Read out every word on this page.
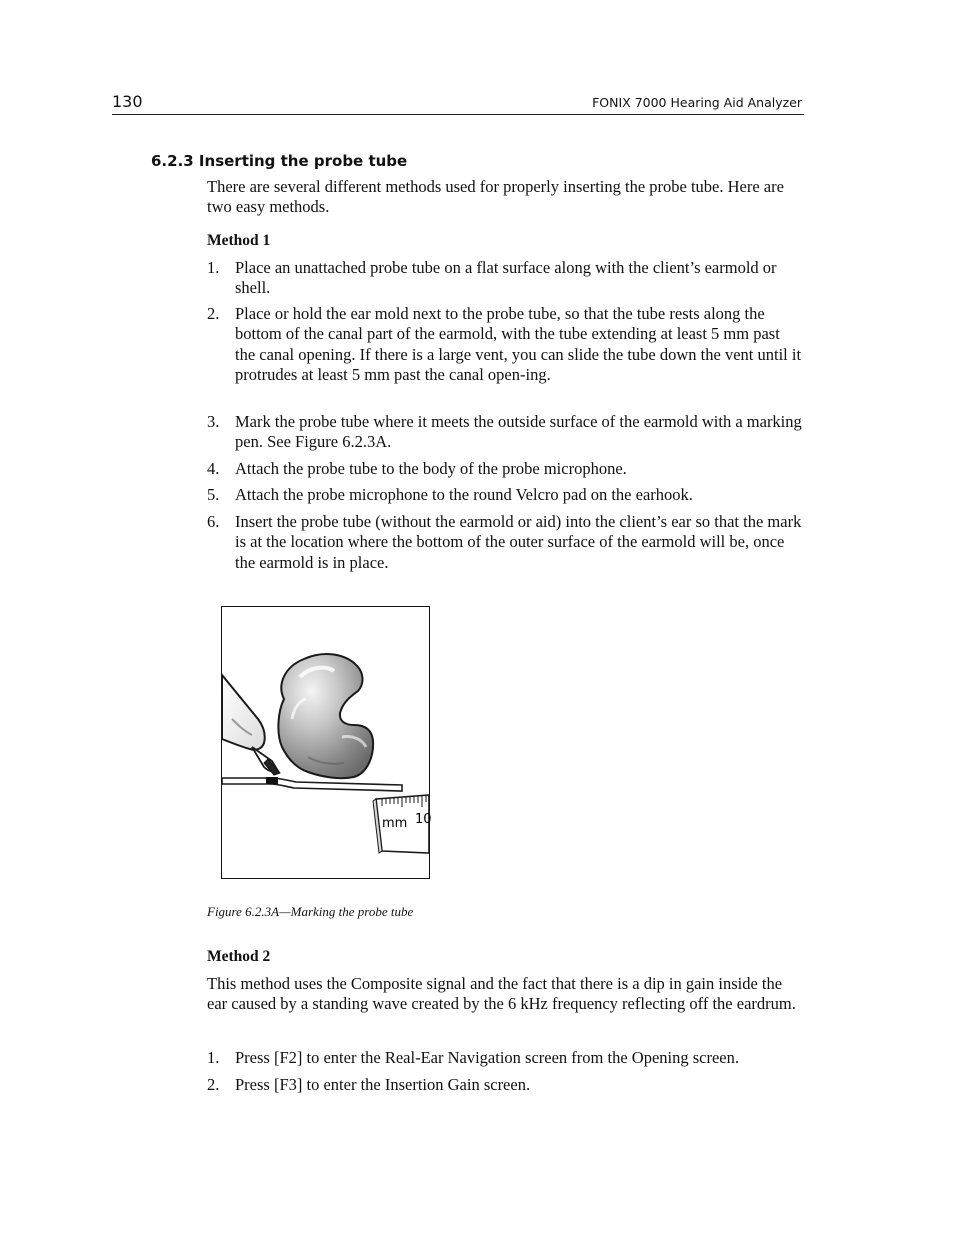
130	FONIX 7000 Hearing Aid Analyzer
6.2.3 Inserting the probe tube

There are several different methods used for properly inserting the probe tube. Here are two easy methods.

Method 1

1. Place an unattached probe tube on a flat surface along with the client’s earmold or shell.
2. Place or hold the ear mold next to the probe tube, so that the tube rests along the bottom of the canal part of the earmold, with the tube extending at least 5 mm past the canal opening. If there is a large vent, you can slide the tube down the vent until it protrudes at least 5 mm past the canal open-ing.
3. Mark the probe tube where it meets the outside surface of the earmold with a marking pen. See Figure 6.2.3A.
4. Attach the probe tube to the body of the probe microphone.
5. Attach the probe microphone to the round Velcro pad on the earhook.
6. Insert the probe tube (without the earmold or aid) into the client’s ear so that the mark is at the location where the bottom of the outer surface of the earmold will be, once the earmold is in place.
mm 10

Figure 6.2.3A—Marking the probe tube

Method 2

This method uses the Composite signal and the fact that there is a dip in gain inside the ear caused by a standing wave created by the 6 kHz frequency reflecting off the eardrum.

1. Press [F2] to enter the Real-Ear Navigation screen from the Opening screen.
2. Press [F3] to enter the Insertion Gain screen.
